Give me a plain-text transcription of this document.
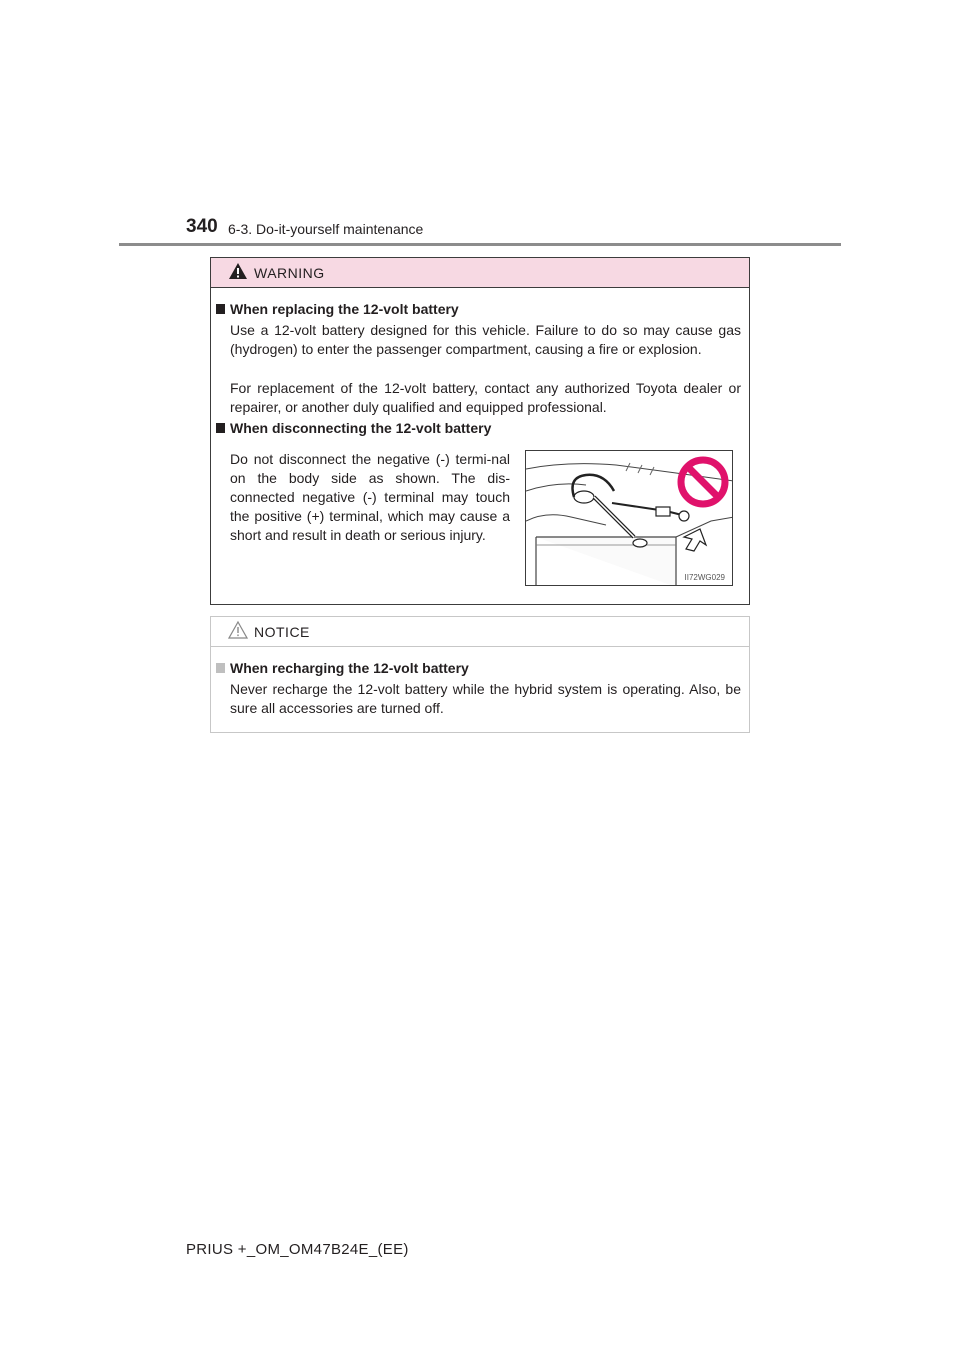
340 6-3. Do-it-yourself maintenance
WARNING
When replacing the 12-volt battery

Use a 12-volt battery designed for this vehicle. Failure to do so may cause gas (hydrogen) to enter the passenger compartment, causing a fire or explosion.

For replacement of the 12-volt battery, contact any authorized Toyota dealer or repairer, or another duly qualified and equipped professional.

When disconnecting the 12-volt battery

Do not disconnect the negative (-) termi-nal on the body side as shown. The dis-connected negative (-) terminal may touch the positive (+) terminal, which may cause a short and result in death or serious injury.

II72WG029
NOTICE
When recharging the 12-volt battery

Never recharge the 12-volt battery while the hybrid system is operating. Also, be sure all accessories are turned off.

PRIUS +_OM_OM47B24E_(EE)
